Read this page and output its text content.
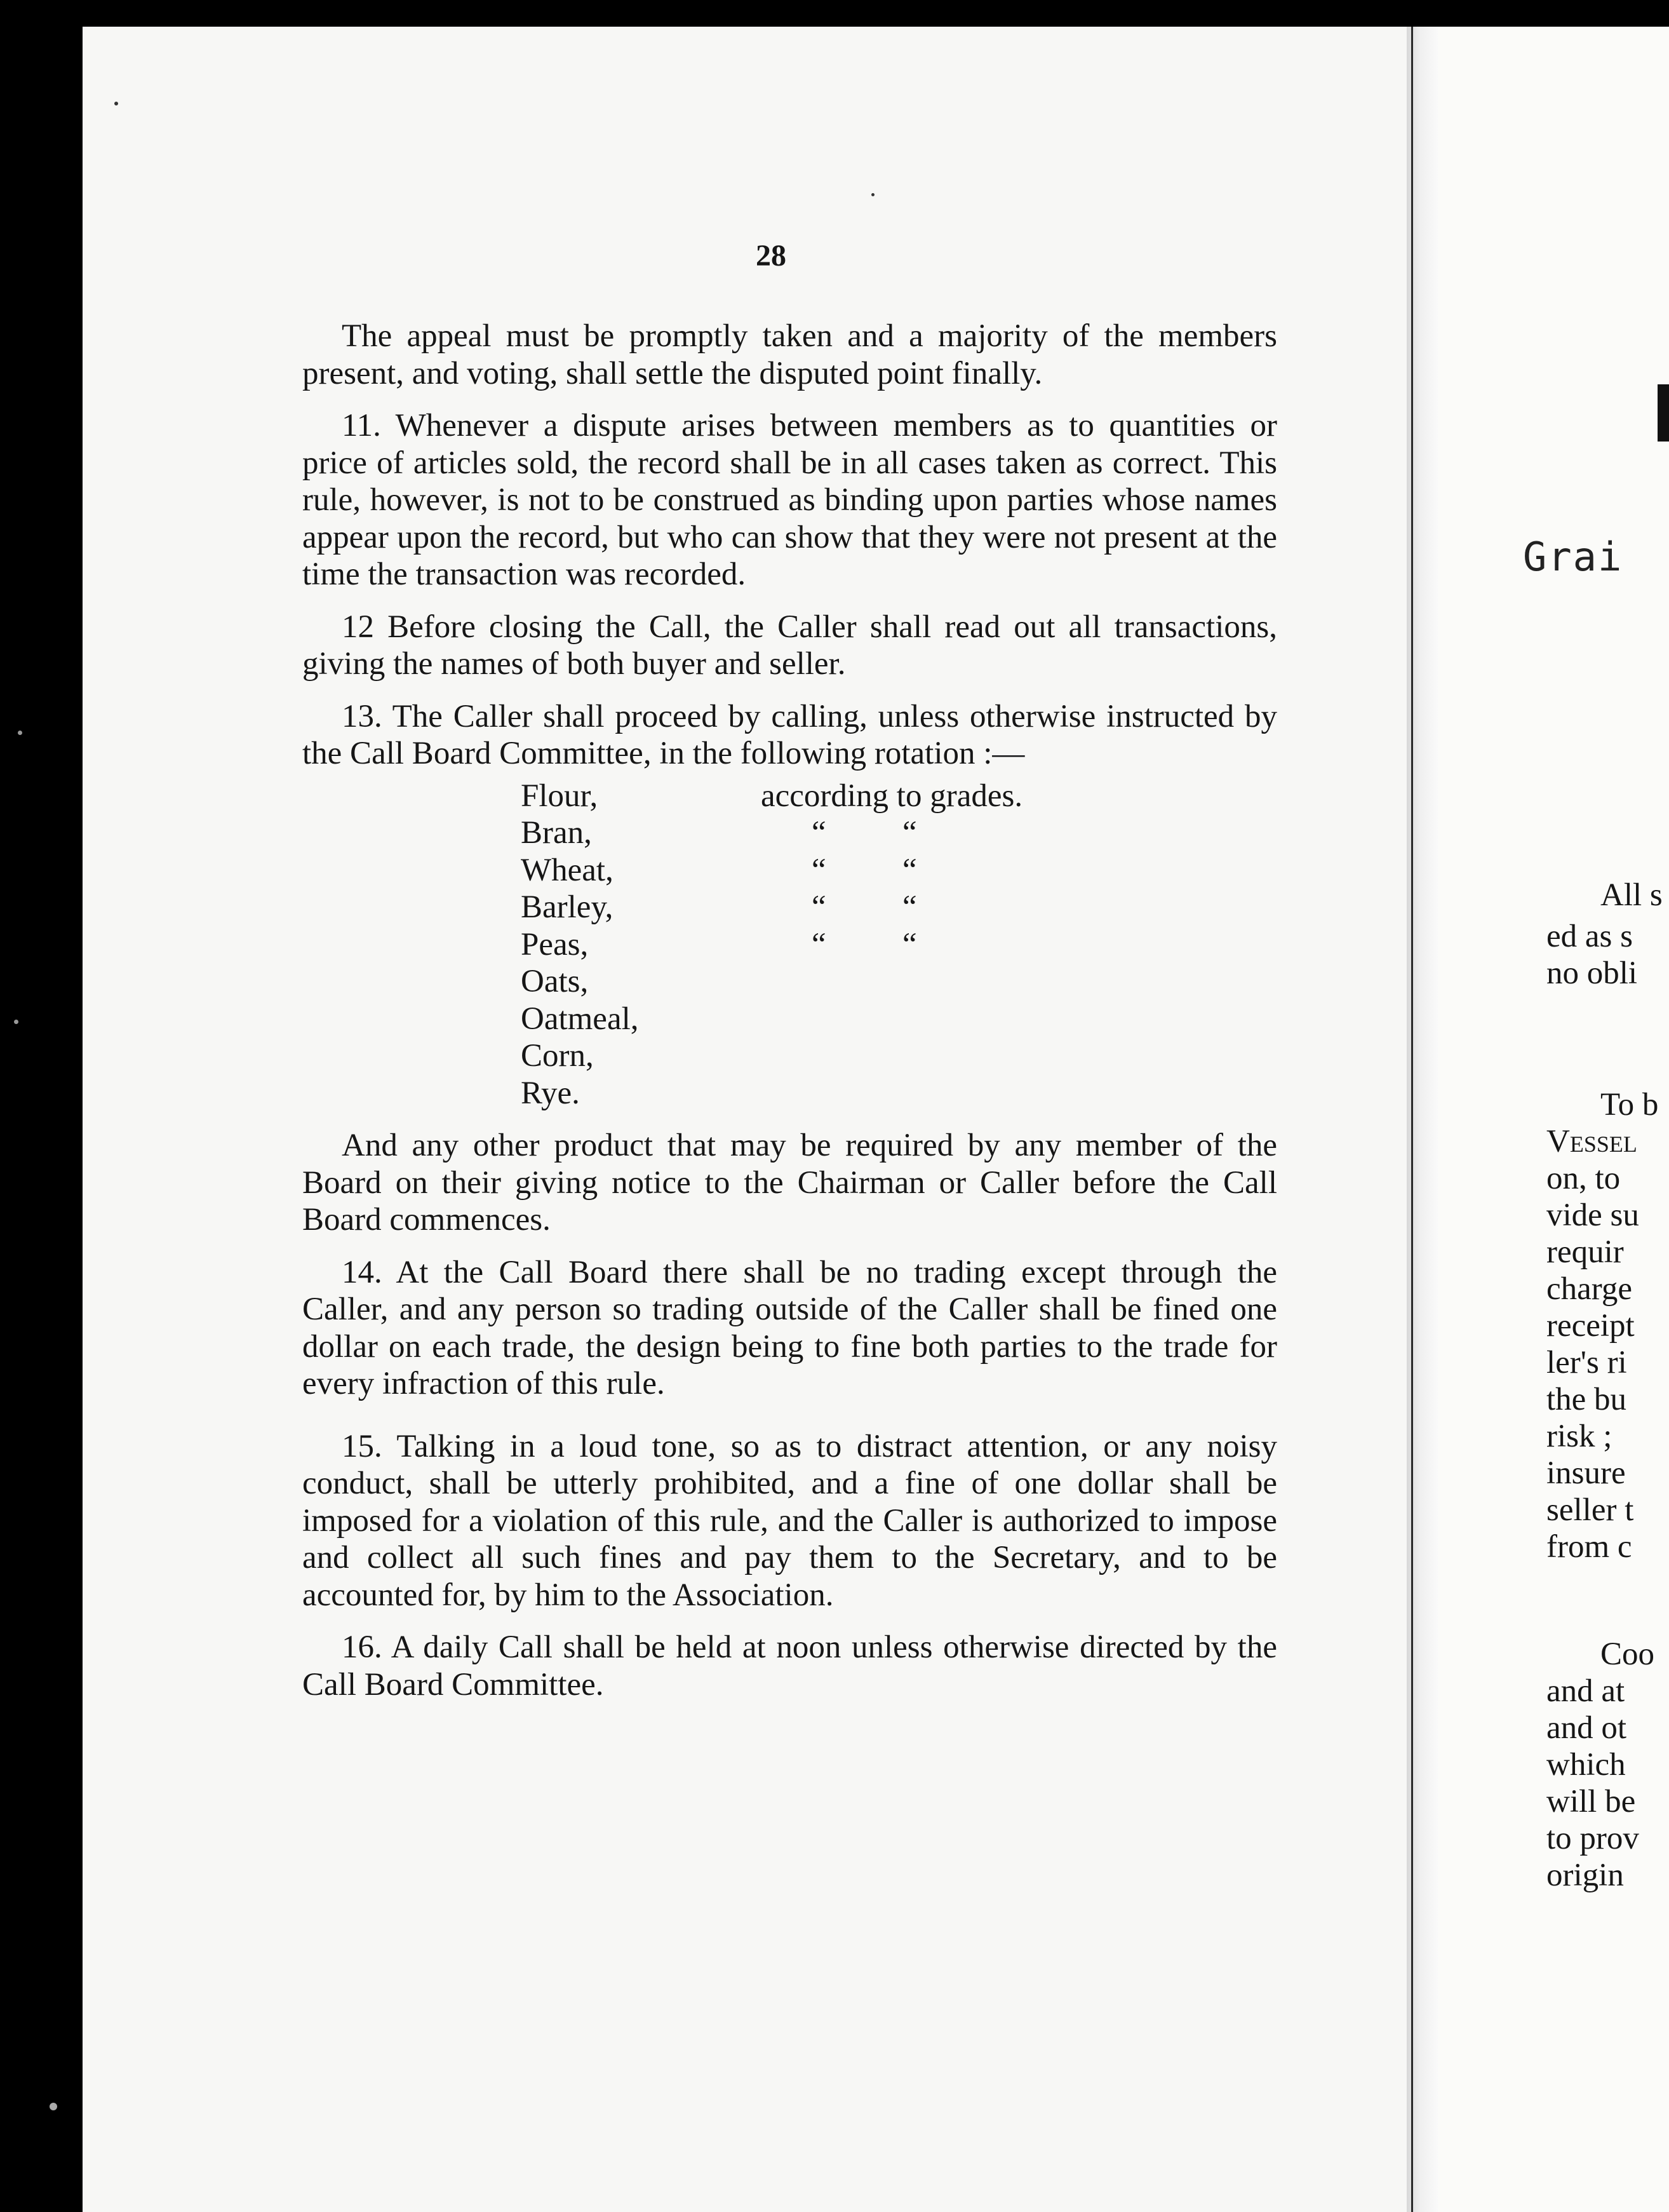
28

The appeal must be promptly taken and a majority of the members present, and voting, shall settle the disputed point finally.

11. Whenever a dispute arises between members as to quantities or price of articles sold, the record shall be in all cases taken as correct. This rule, however, is not to be construed as binding upon parties whose names appear upon the record, but who can show that they were not present at the time the transaction was recorded.

12 Before closing the Call, the Caller shall read out all transactions, giving the names of both buyer and seller.

13. The Caller shall proceed by calling, unless otherwise instructed by the Call Board Committee, in the following rotation :—

Flour,	according to grades.
Bran,	“ “
Wheat,	“ “
Barley,	“ “
Peas,	“ “
Oats,
Oatmeal,
Corn,
Rye.

And any other product that may be required by any member of the Board on their giving notice to the Chairman or Caller before the Call Board commences.

14. At the Call Board there shall be no trading except through the Caller, and any person so trading outside of the Caller shall be fined one dollar on each trade, the design being to fine both parties to the trade for every infraction of this rule.

15. Talking in a loud tone, so as to distract attention, or any noisy conduct, shall be utterly prohibited, and a fine of one dollar shall be imposed for a violation of this rule, and the Caller is authorized to impose and collect all such fines and pay them to the Secretary, and to be accounted for, by him to the Association.

16. A daily Call shall be held at noon unless otherwise directed by the Call Board Committee.

Grai
All s
ed as s
no obli
To b
Vessel
on, to
vide su
requir
charge
receipt
ler's ri
the bu
risk ;
insure
seller t
from c
Coo
and at
and ot
which
will be
to prov
origin
